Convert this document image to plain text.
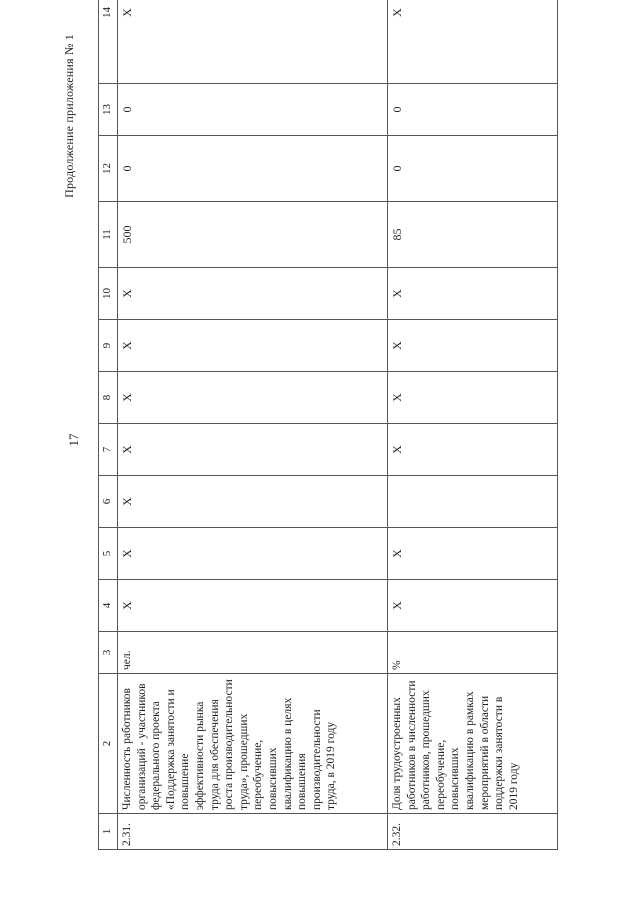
17
Продолжение приложения № 1
1	2	3	4	5	6	7	8	9	10	11	12	13	14
2.31.	Численность работников организаций - участников федерального проекта «Поддержка занятости и повышение эффективности рынка труда для обеспечения роста производительности труда», прошедших переобучение, повысивших квалификацию в целях повышения производительности труда, в 2019 году	чел.	Х	Х	Х	Х	Х	Х	Х	500	0	0	Х
2.32.	Доля трудоустроенных работников в численности работников, прошедших переобучение, повысивших квалификацию в рамках мероприятий в области поддержки занятости в 2019 году	%	Х	Х		Х	Х	Х	Х	85	0	0	Х
